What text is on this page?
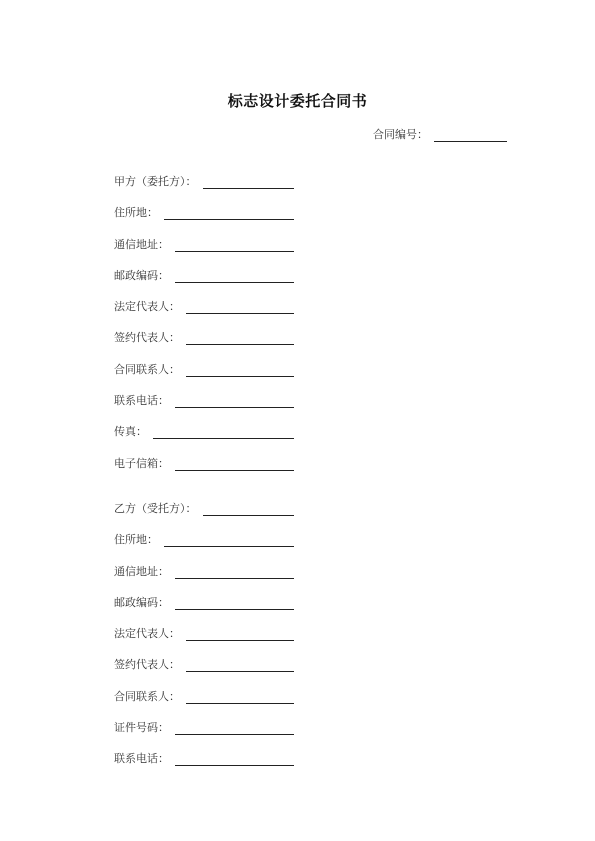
标志设计委托合同书
合同编号：
甲方（委托方）：
住所地：
通信地址：
邮政编码：
法定代表人：
签约代表人：
合同联系人：
联系电话：
传真：
电子信箱：
乙方（受托方）：
住所地：
通信地址：
邮政编码：
法定代表人：
签约代表人：
合同联系人：
证件号码：
联系电话：
